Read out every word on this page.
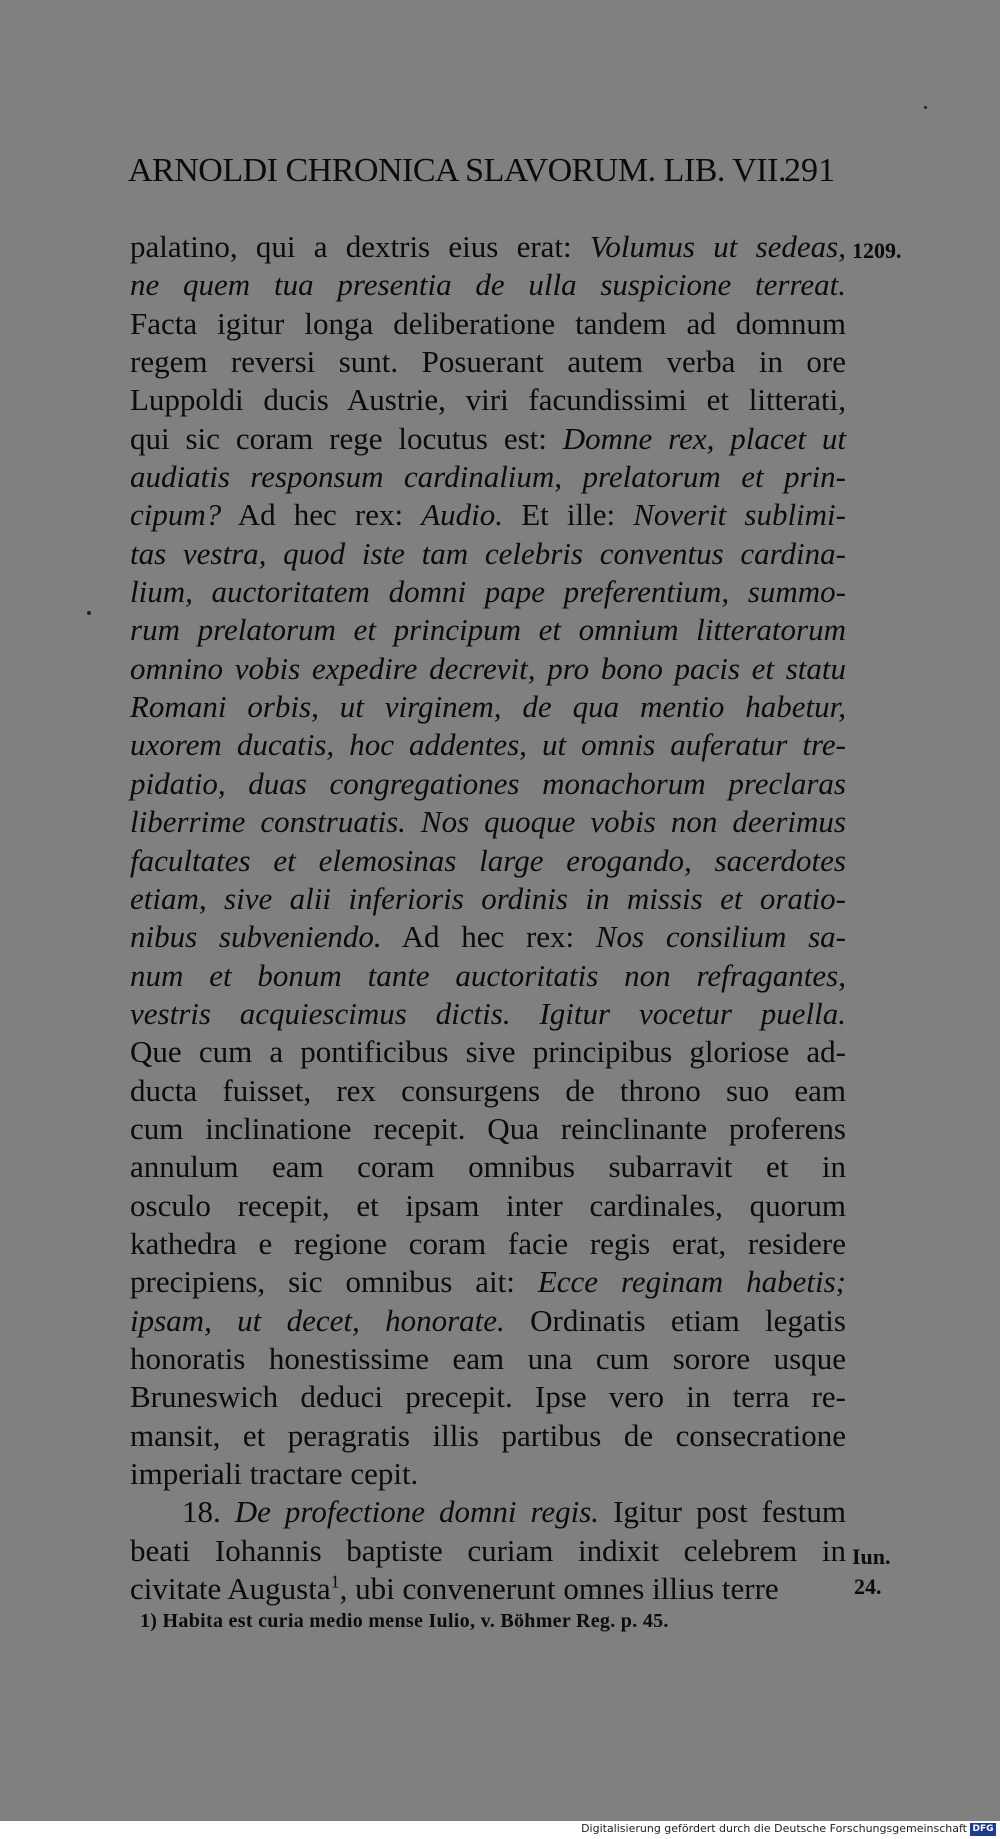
ARNOLDI CHRONICA SLAVORUM. LIB. VII.
291
palatino, qui a dextris eius erat: Volumus ut sedeas,
ne quem tua presentia de ulla suspicione terreat.
Facta igitur longa deliberatione tandem ad domnum
regem reversi sunt. Posuerant autem verba in ore
Luppoldi ducis Austrie, viri facundissimi et litterati,
qui sic coram rege locutus est: Domne rex, placet ut
audiatis responsum cardinalium, prelatorum et prin-
cipum? Ad hec rex: Audio. Et ille: Noverit sublimi-
tas vestra, quod iste tam celebris conventus cardina-
lium, auctoritatem domni pape preferentium, summo-
rum prelatorum et principum et omnium litteratorum
omnino vobis expedire decrevit, pro bono pacis et statu
Romani orbis, ut virginem, de qua mentio habetur,
uxorem ducatis, hoc addentes, ut omnis auferatur tre-
pidatio, duas congregationes monachorum preclaras
liberrime construatis. Nos quoque vobis non deerimus
facultates et elemosinas large erogando, sacerdotes
etiam, sive alii inferioris ordinis in missis et oratio-
nibus subveniendo. Ad hec rex: Nos consilium sa-
num et bonum tante auctoritatis non refragantes,
vestris acquiescimus dictis. Igitur vocetur puella.
Que cum a pontificibus sive principibus gloriose ad-
ducta fuisset, rex consurgens de throno suo eam
cum inclinatione recepit. Qua reinclinante proferens
annulum eam coram omnibus subarravit et in
osculo recepit, et ipsam inter cardinales, quorum
kathedra e regione coram facie regis erat, residere
precipiens, sic omnibus ait: Ecce reginam habetis;
ipsam, ut decet, honorate. Ordinatis etiam legatis
honoratis honestissime eam una cum sorore usque
Bruneswich deduci precepit. Ipse vero in terra re-
mansit, et peragratis illis partibus de consecratione
imperiali tractare cepit.
18. De profectione domni regis. Igitur post festum
beati Iohannis baptiste curiam indixit celebrem in
civitate Augusta$^1$, ubi convenerunt omnes illius terre
1209.
Iun.
24.
1) Habita est curia medio mense Iulio, v. Böhmer Reg. p. 45.
Digitalisierung gefördert durch die Deutsche Forschungsgemeinschaft DFG
